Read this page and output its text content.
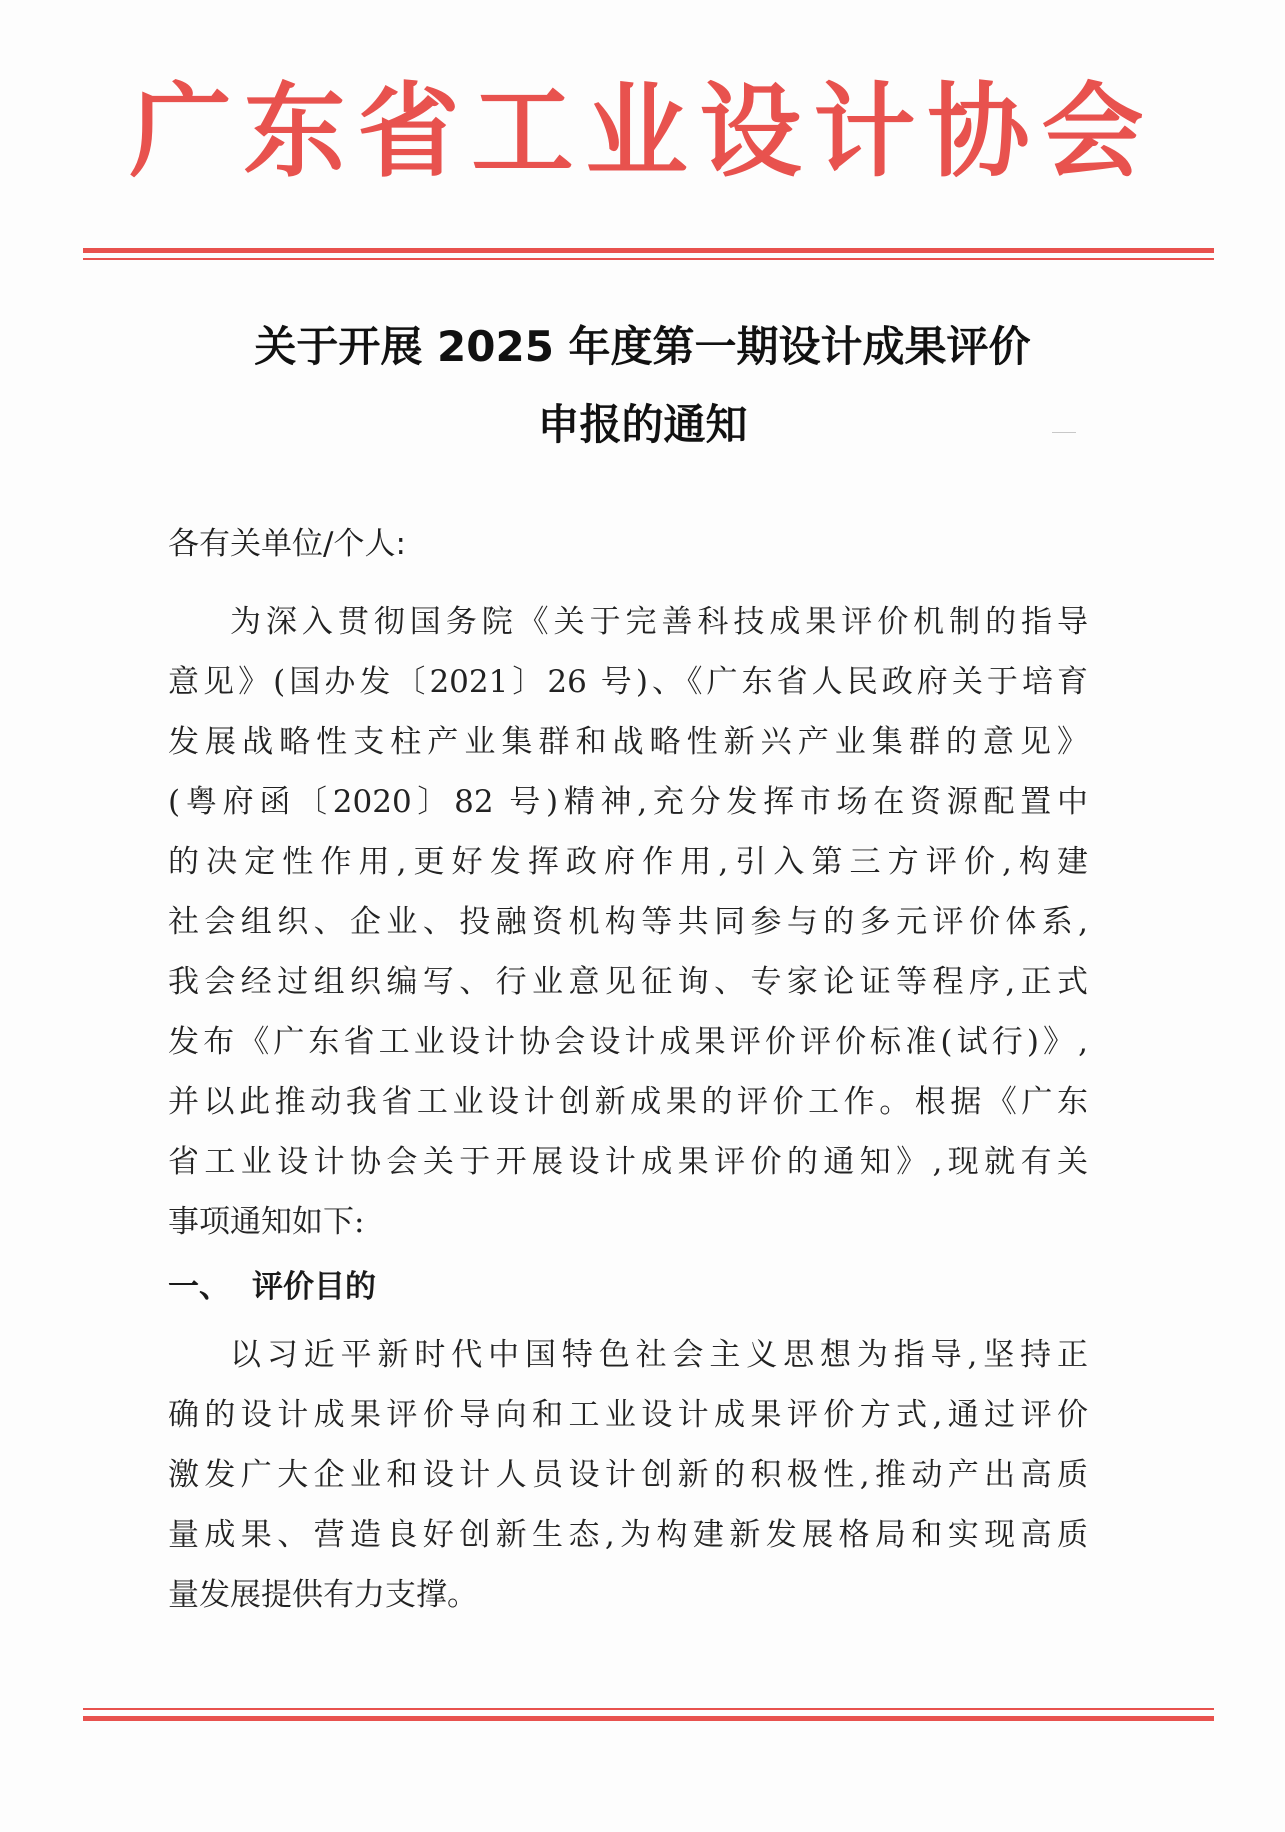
广东省工业设计协会
关于开展 2025 年度第一期设计成果评价
申报的通知
各有关单位/个人:
为深入贯彻国务院《关于完善科技成果评价机制的指导
意见》(国办发〔2021〕26 号)、《广东省人民政府关于培育
发展战略性支柱产业集群和战略性新兴产业集群的意见》
(粤府函〔2020〕82 号)精神,充分发挥市场在资源配置中
的决定性作用,更好发挥政府作用,引入第三方评价,构建
社会组织、企业、投融资机构等共同参与的多元评价体系,
我会经过组织编写、行业意见征询、专家论证等程序,正式
发布《广东省工业设计协会设计成果评价评价标准(试行)》,
并以此推动我省工业设计创新成果的评价工作。根据《广东
省工业设计协会关于开展设计成果评价的通知》,现就有关
事项通知如下:
一、 评价目的
以习近平新时代中国特色社会主义思想为指导,坚持正
确的设计成果评价导向和工业设计成果评价方式,通过评价
激发广大企业和设计人员设计创新的积极性,推动产出高质
量成果、营造良好创新生态,为构建新发展格局和实现高质
量发展提供有力支撑。
